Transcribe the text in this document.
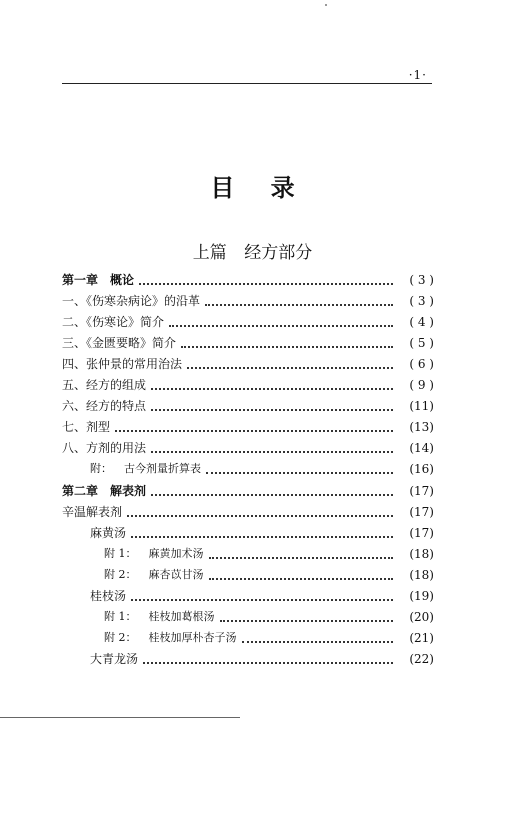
·1·
目 录
上篇 经方部分
第一章 概论	( 3 )
一、《伤寒杂病论》的沿革	( 3 )
二、《伤寒论》简介	( 4 )
三、《金匮要略》简介	( 5 )
四、张仲景的常用治法	( 6 )
五、经方的组成	( 9 )
六、经方的特点	(11)
七、剂型	(13)
八、方剂的用法	(14)
附： 古今剂量折算表	(16)
第二章 解表剂	(17)
辛温解表剂	(17)
麻黄汤	(17)
附 1： 麻黄加术汤	(18)
附 2： 麻杏苡甘汤	(18)
桂枝汤	(19)
附 1： 桂枝加葛根汤	(20)
附 2： 桂枝加厚朴杏子汤	(21)
大青龙汤	(22)
